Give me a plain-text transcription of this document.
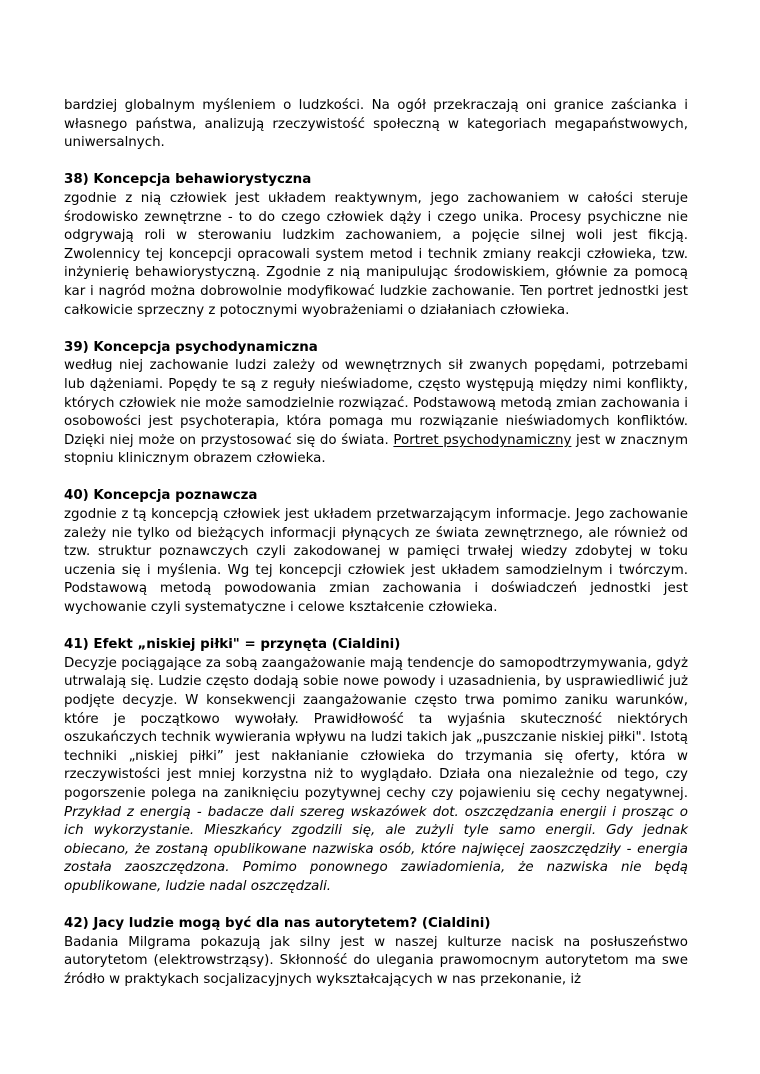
bardziej globalnym myśleniem o ludzkości. Na ogół przekraczają oni granice zaścianka i własnego państwa, analizują rzeczywistość społeczną w kategoriach megapaństwowych, uniwersalnych.

38) Koncepcja behawiorystyczna

zgodnie z nią człowiek jest układem reaktywnym, jego zachowaniem w całości steruje środowisko zewnętrzne - to do czego człowiek dąży i czego unika. Procesy psychiczne nie odgrywają roli w sterowaniu ludzkim zachowaniem, a pojęcie silnej woli jest fikcją. Zwolennicy tej koncepcji opracowali system metod i technik zmiany reakcji człowieka, tzw. inżynierię behawiorystyczną. Zgodnie z nią manipulując środowiskiem, głównie za pomocą kar i nagród można dobrowolnie modyfikować ludzkie zachowanie. Ten portret jednostki jest całkowicie sprzeczny z potocznymi wyobrażeniami o działaniach człowieka.

39) Koncepcja psychodynamiczna

według niej zachowanie ludzi zależy od wewnętrznych sił zwanych popędami, potrzebami lub dążeniami. Popędy te są z reguły nieświadome, często występują między nimi konflikty, których człowiek nie może samodzielnie rozwiązać. Podstawową metodą zmian zachowania i osobowości jest psychoterapia, która pomaga mu rozwiązanie nieświadomych konfliktów. Dzięki niej może on przystosować się do świata. Portret psychodynamiczny jest w znacznym stopniu klinicznym obrazem człowieka.

40) Koncepcja poznawcza

zgodnie z tą koncepcją człowiek jest układem przetwarzającym informacje. Jego zachowanie zależy nie tylko od bieżących informacji płynących ze świata zewnętrznego, ale również od tzw. struktur poznawczych czyli zakodowanej w pamięci trwałej wiedzy zdobytej w toku uczenia się i myślenia. Wg tej koncepcji człowiek jest układem samodzielnym i twórczym. Podstawową metodą powodowania zmian zachowania i doświadczeń jednostki jest wychowanie czyli systematyczne i celowe kształcenie człowieka.

41) Efekt „niskiej piłki" = przynęta (Cialdini)

Decyzje pociągające za sobą zaangażowanie mają tendencje do samopodtrzymywania, gdyż utrwalają się. Ludzie często dodają sobie nowe powody i uzasadnienia, by usprawiedliwić już podjęte decyzje. W konsekwencji zaangażowanie często trwa pomimo zaniku warunków, które je początkowo wywołały. Prawidłowość ta wyjaśnia skuteczność niektórych oszukańczych technik wywierania wpływu na ludzi takich jak „puszczanie niskiej piłki". Istotą techniki „niskiej piłki” jest nakłanianie człowieka do trzymania się oferty, która w rzeczywistości jest mniej korzystna niż to wyglądało. Działa ona niezależnie od tego, czy pogorszenie polega na zaniknięciu pozytywnej cechy czy pojawieniu się cechy negatywnej. Przykład z energią - badacze dali szereg wskazówek dot. oszczędzania energii i prosząc o ich wykorzystanie. Mieszkańcy zgodzili się, ale zużyli tyle samo energii. Gdy jednak obiecano, że zostaną opublikowane nazwiska osób, które najwięcej zaoszczędziły - energia została zaoszczędzona. Pomimo ponownego zawiadomienia, że nazwiska nie będą opublikowane, ludzie nadal oszczędzali.

42) Jacy ludzie mogą być dla nas autorytetem? (Cialdini)

Badania Milgrama pokazują jak silny jest w naszej kulturze nacisk na posłuszeństwo autorytetom (elektrowstrząsy). Skłonność do ulegania prawomocnym autorytetom ma swe źródło w praktykach socjalizacyjnych wykształcających w nas przekonanie, iż
